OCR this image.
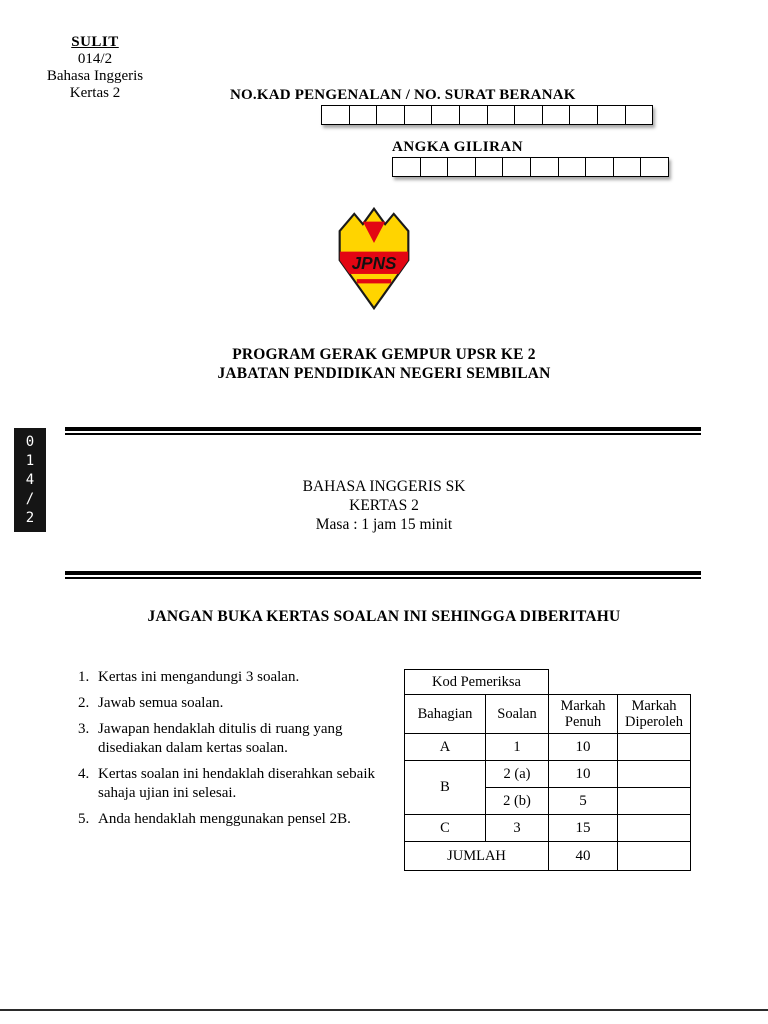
SULIT
014/2
Bahasa Inggeris
Kertas 2	NO.KAD PENGENALAN / NO. SURAT BERANAK
ANGKA GILIRAN
JPNS
PROGRAM GERAK GEMPUR UPSR KE 2
JABATAN PENDIDIKAN NEGERI SEMBILAN
0
1
4
/
2
BAHASA INGGERIS SK
KERTAS 2
Masa : 1 jam 15 minit
JANGAN BUKA KERTAS SOALAN INI SEHINGGA DIBERITAHU
1. Kertas ini mengandungi 3 soalan.
2. Jawab semua soalan.
3. Jawapan hendaklah ditulis di ruang yang disediakan dalam kertas soalan.
4. Kertas soalan ini hendaklah diserahkan sebaik sahaja ujian ini selesai.
5. Anda hendaklah menggunakan pensel 2B.
Kod Pemeriksa			
Bahagian	Soalan	Markah Penuh	Markah Diperoleh
A	1	10	
B	2 (a)	10	
	2 (b)	5	
C	3	15	
JUMLAH		40	
